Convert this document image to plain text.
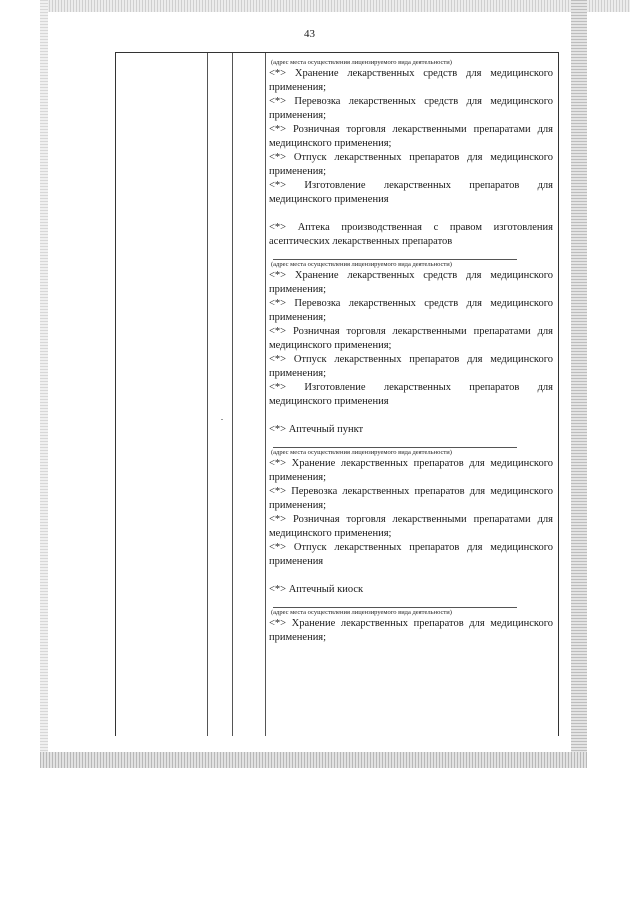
43
(адрес места осуществления лицензируемого вида деятельности)
<*> Хранение лекарственных средств для медицинского применения;
<*> Перевозка лекарственных средств для медицинского применения;
<*> Розничная торговля лекарственными препаратами для медицинского применения;
<*> Отпуск лекарственных препаратов для медицинского применения;
<*> Изготовление лекарственных препаратов для медицинского применения
<*> Аптека производственная с правом изготовления асептических лекарственных препаратов
(адрес места осуществления лицензируемого вида деятельности)
<*> Хранение лекарственных средств для медицинского применения;
<*> Перевозка лекарственных средств для медицинского применения;
<*> Розничная торговля лекарственными препаратами для медицинского применения;
<*> Отпуск лекарственных препаратов для медицинского применения;
<*> Изготовление лекарственных препаратов для медицинского применения
<*> Аптечный пункт
(адрес места осуществления лицензируемого вида деятельности)
<*> Хранение лекарственных препаратов для медицинского применения;
<*> Перевозка лекарственных препаратов для медицинского применения;
<*> Розничная торговля лекарственными препаратами для медицинского применения;
<*> Отпуск лекарственных препаратов для медицинского применения
<*> Аптечный киоск
(адрес места осуществления лицензируемого вида деятельности)
<*> Хранение лекарственных препаратов для медицинского применения;
